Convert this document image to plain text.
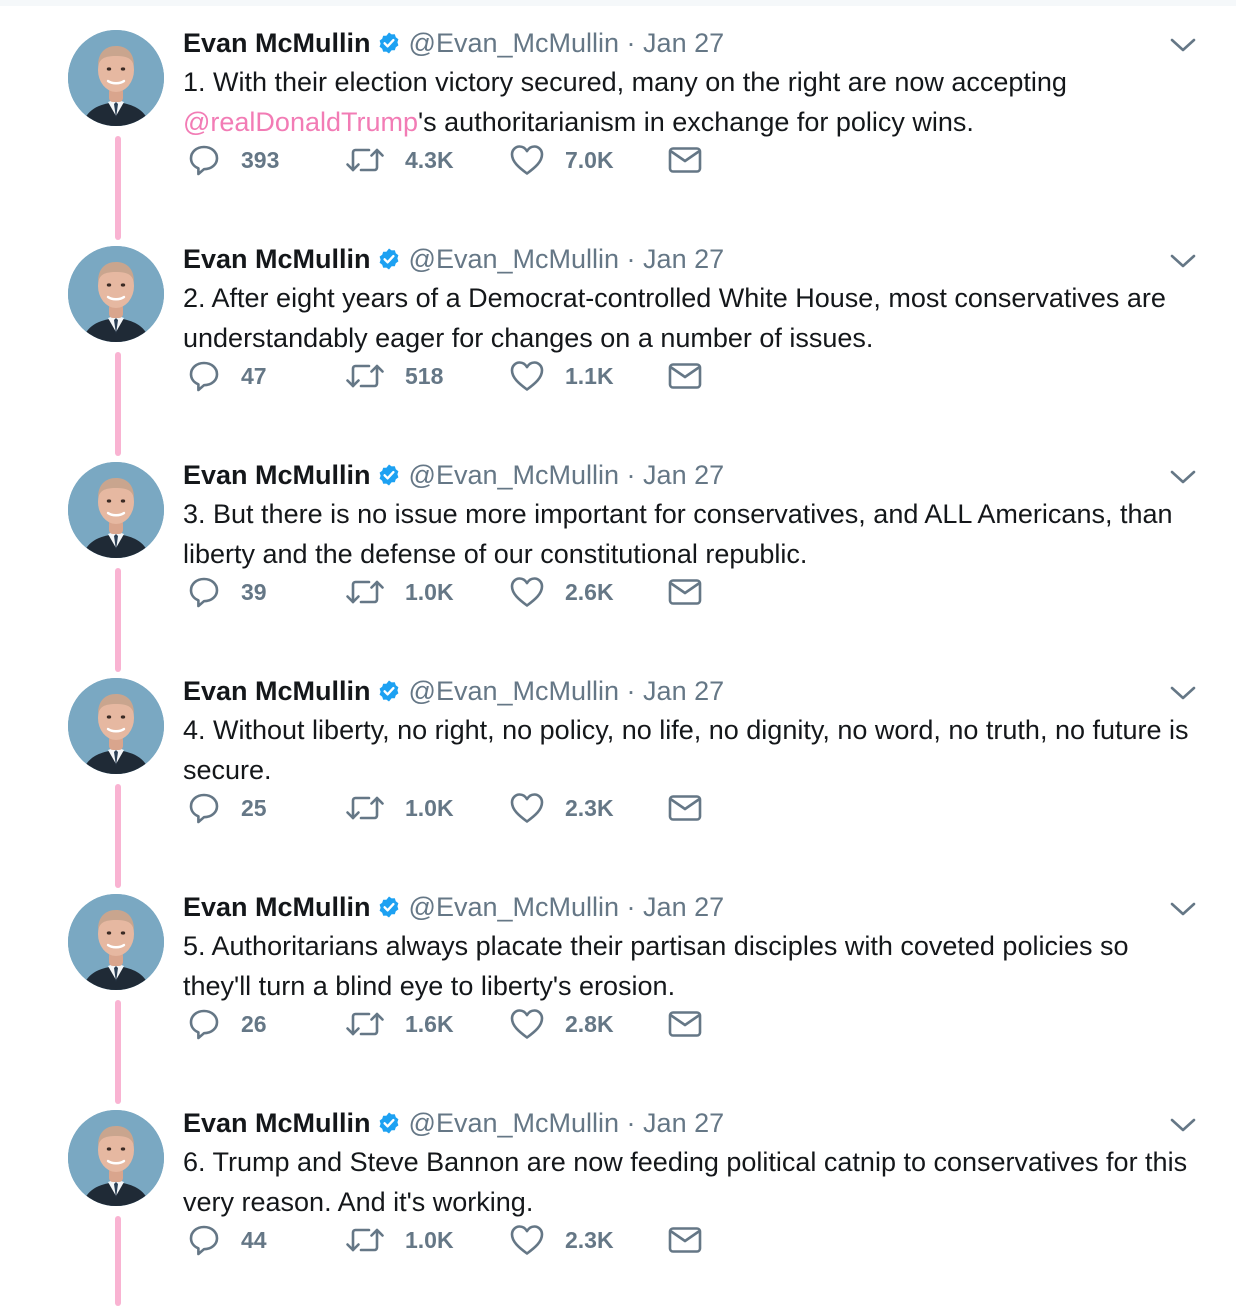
Evan McMullin @Evan_McMullin · Jan 27
1. With their election victory secured, many on the right are now accepting @realDonaldTrump's authoritarianism in exchange for policy wins.
393	4.3K	7.0K
Evan McMullin @Evan_McMullin · Jan 27
2. After eight years of a Democrat-controlled White House, most conservatives are understandably eager for changes on a number of issues.
47	518	1.1K
Evan McMullin @Evan_McMullin · Jan 27
3. But there is no issue more important for conservatives, and ALL Americans, than liberty and the defense of our constitutional republic.
39	1.0K	2.6K
Evan McMullin @Evan_McMullin · Jan 27
4. Without liberty, no right, no policy, no life, no dignity, no word, no truth, no future is secure.
25	1.0K	2.3K
Evan McMullin @Evan_McMullin · Jan 27
5. Authoritarians always placate their partisan disciples with coveted policies so they'll turn a blind eye to liberty's erosion.
26	1.6K	2.8K
Evan McMullin @Evan_McMullin · Jan 27
6. Trump and Steve Bannon are now feeding political catnip to conservatives for this very reason. And it's working.
44	1.0K	2.3K
